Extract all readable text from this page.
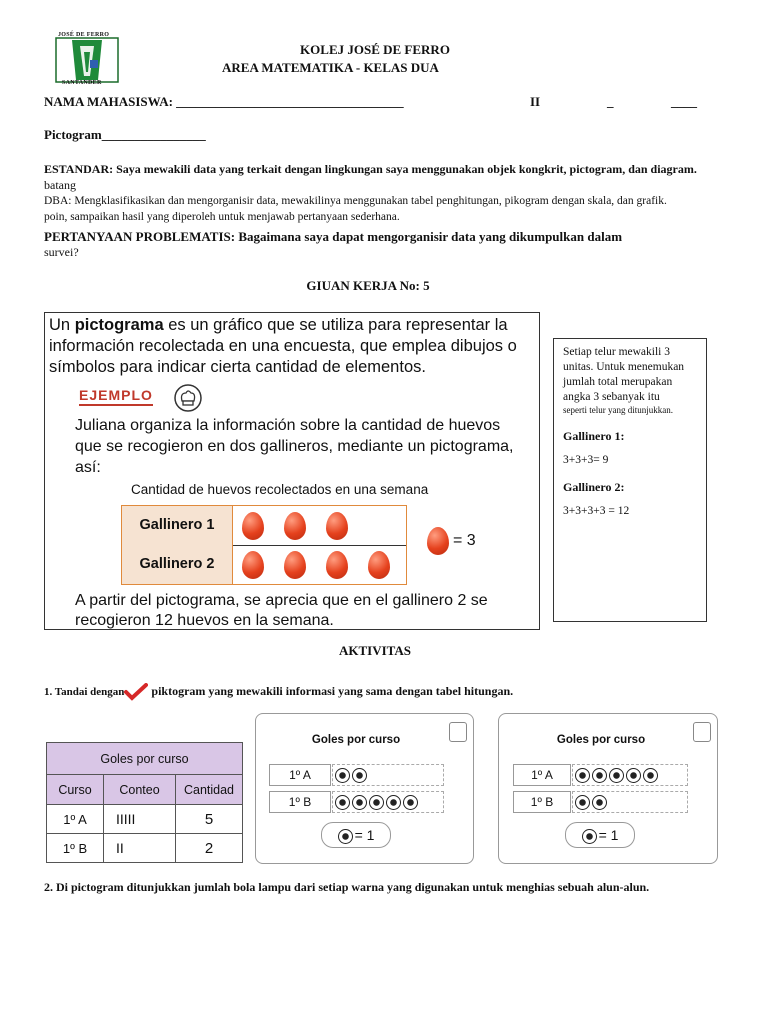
JOSÉ DE FERRO
SANTANDER
KOLEJ JOSÉ DE FERRO
AREA MATEMATIKA - KELAS DUA
NAMA MAHASISWA: ___________________________________	II	_	____
Pictogram________________
ESTANDAR: Saya mewakili data yang terkait dengan lingkungan saya menggunakan objek kongkrit, pictogram, dan diagram.
batang
DBA: Mengklasifikasikan dan mengorganisir data, mewakilinya menggunakan tabel penghitungan, pikogram dengan skala, dan grafik.
poin, sampaikan hasil yang diperoleh untuk menjawab pertanyaan sederhana.
PERTANYAAN PROBLEMATIS: Bagaimana saya dapat mengorganisir data yang dikumpulkan dalam
survei?
GIUAN KERJA No: 5
Un pictograma es un gráfico que se utiliza para representar la
información recolectada en una encuesta, que emplea dibujos o
símbolos para indicar cierta cantidad de elementos.
EJEMPLO
Juliana organiza la información sobre la cantidad de huevos
que se recogieron en dos gallineros, mediante un pictograma,
así:
Cantidad de huevos recolectados en una semana
Gallinero 1
Gallinero 2
= 3
A partir del pictograma, se aprecia que en el gallinero 2 se
recogieron 12 huevos en la semana.
Setiap telur mewakili 3
unitas. Untuk menemukan
jumlah total merupakan
angka 3 sebanyak itu
seperti telur yang ditunjukkan.
Gallinero 1:
3+3+3= 9
Gallinero 2:
3+3+3+3 = 12
AKTIVITAS
1. Tandai dengan piktogram yang mewakili informasi yang sama dengan tabel hitungan.
Goles por curso		
Curso	Conteo	Cantidad
1º A	IIIII	5
1º B	II	2
Goles por curso
1º A
1º B
= 1
Goles por curso
1º A
1º B
= 1
2. Di pictogram ditunjukkan jumlah bola lampu dari setiap warna yang digunakan untuk menghias sebuah alun-alun.
